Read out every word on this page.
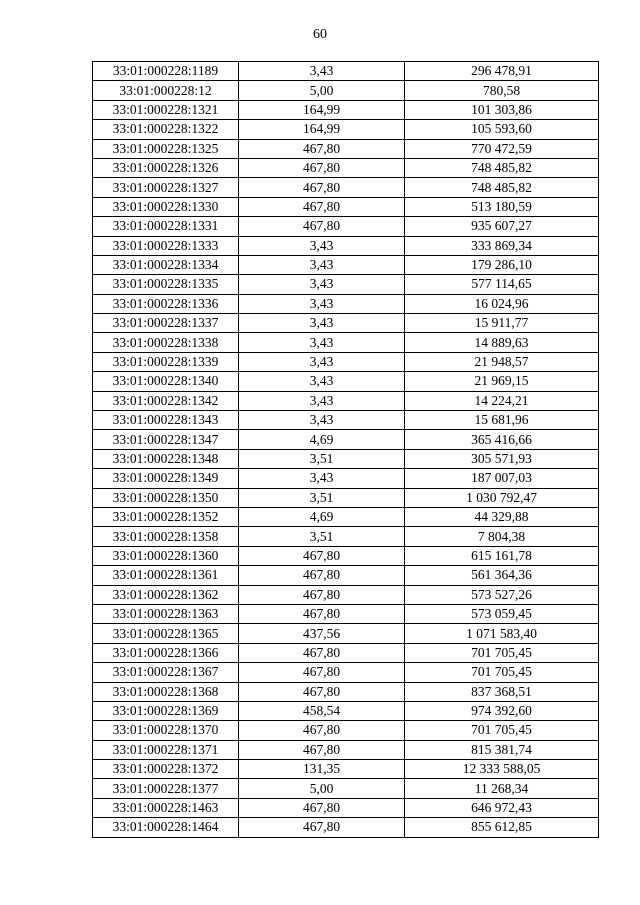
60
33:01:000228:1189	3,43	296 478,91
33:01:000228:12	5,00	780,58
33:01:000228:1321	164,99	101 303,86
33:01:000228:1322	164,99	105 593,60
33:01:000228:1325	467,80	770 472,59
33:01:000228:1326	467,80	748 485,82
33:01:000228:1327	467,80	748 485,82
33:01:000228:1330	467,80	513 180,59
33:01:000228:1331	467,80	935 607,27
33:01:000228:1333	3,43	333 869,34
33:01:000228:1334	3,43	179 286,10
33:01:000228:1335	3,43	577 114,65
33:01:000228:1336	3,43	16 024,96
33:01:000228:1337	3,43	15 911,77
33:01:000228:1338	3,43	14 889,63
33:01:000228:1339	3,43	21 948,57
33:01:000228:1340	3,43	21 969,15
33:01:000228:1342	3,43	14 224,21
33:01:000228:1343	3,43	15 681,96
33:01:000228:1347	4,69	365 416,66
33:01:000228:1348	3,51	305 571,93
33:01:000228:1349	3,43	187 007,03
33:01:000228:1350	3,51	1 030 792,47
33:01:000228:1352	4,69	44 329,88
33:01:000228:1358	3,51	7 804,38
33:01:000228:1360	467,80	615 161,78
33:01:000228:1361	467,80	561 364,36
33:01:000228:1362	467,80	573 527,26
33:01:000228:1363	467,80	573 059,45
33:01:000228:1365	437,56	1 071 583,40
33:01:000228:1366	467,80	701 705,45
33:01:000228:1367	467,80	701 705,45
33:01:000228:1368	467,80	837 368,51
33:01:000228:1369	458,54	974 392,60
33:01:000228:1370	467,80	701 705,45
33:01:000228:1371	467,80	815 381,74
33:01:000228:1372	131,35	12 333 588,05
33:01:000228:1377	5,00	11 268,34
33:01:000228:1463	467,80	646 972,43
33:01:000228:1464	467,80	855 612,85
